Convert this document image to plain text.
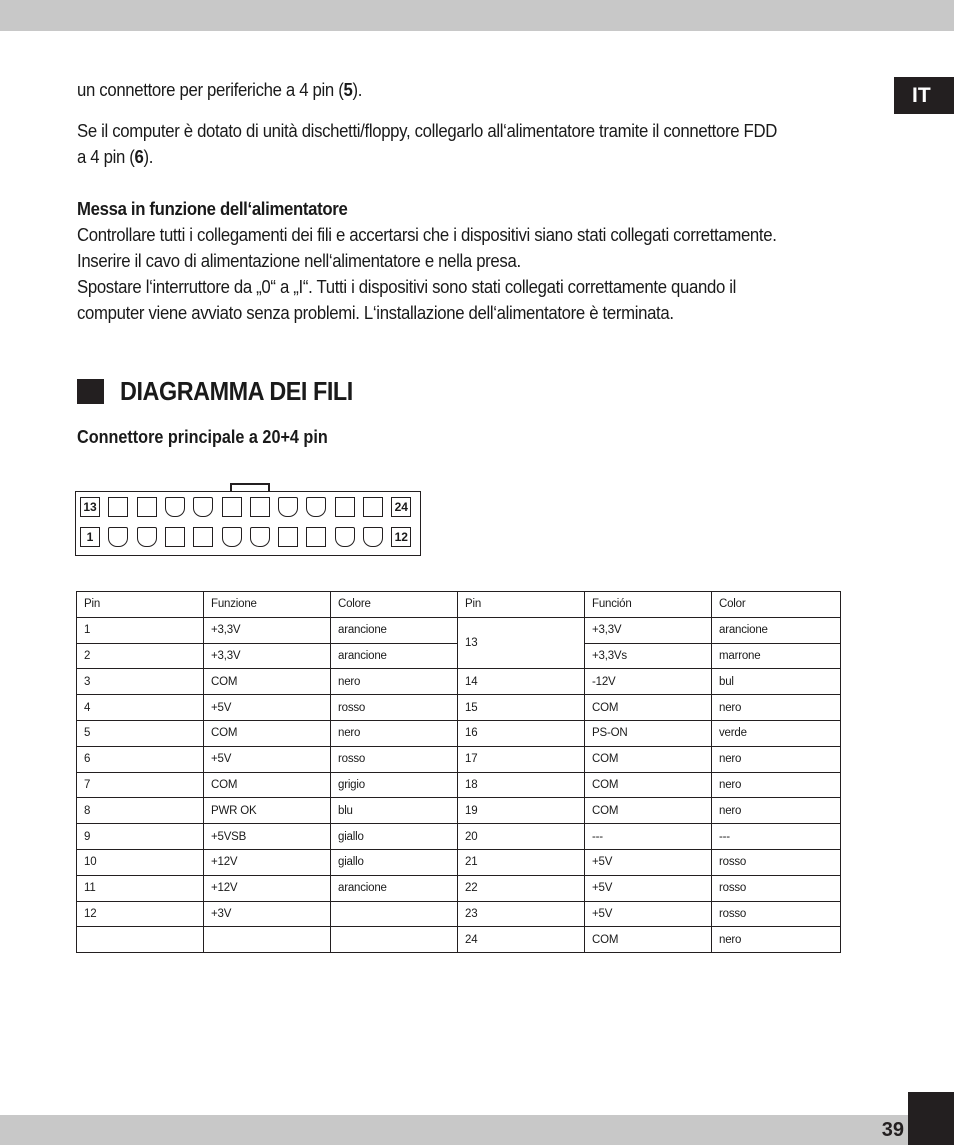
IT

un connettore per periferiche a 4 pin (5).

Se il computer è dotato di unità dischetti/floppy, collegarlo all‘alimentatore tramite il connettore FDD a 4 pin (6).

Messa in funzione dell‘alimentatore

Controllare tutti i collegamenti dei fili e accertarsi che i dispositivi siano stati collegati correttamente. Inserire il cavo di alimentazione nell‘alimentatore e nella presa.

Spostare l‘interruttore da „0“ a „I“. Tutti i dispositivi sono stati collegati correttamente quando il computer viene avviato senza problemi. L‘installazione dell‘alimentatore è terminata.

DIAGRAMMA DEI FILI
Connettore principale a 20+4 pin
13	24
1	12
Pin	Funzione	Colore	Pin	Función	Color
1	+3,3V	arancione	13	+3,3V	arancione
2	+3,3V	arancione		+3,3Vs	marrone
3	COM	nero	14	-12V	bul
4	+5V	rosso	15	COM	nero
5	COM	nero	16	PS-ON	verde
6	+5V	rosso	17	COM	nero
7	COM	grigio	18	COM	nero
8	PWR OK	blu	19	COM	nero
9	+5VSB	giallo	20	---	---
10	+12V	giallo	21	+5V	rosso
11	+12V	arancione	22	+5V	rosso
12	+3V		23	+5V	rosso
			24	COM	nero
39
